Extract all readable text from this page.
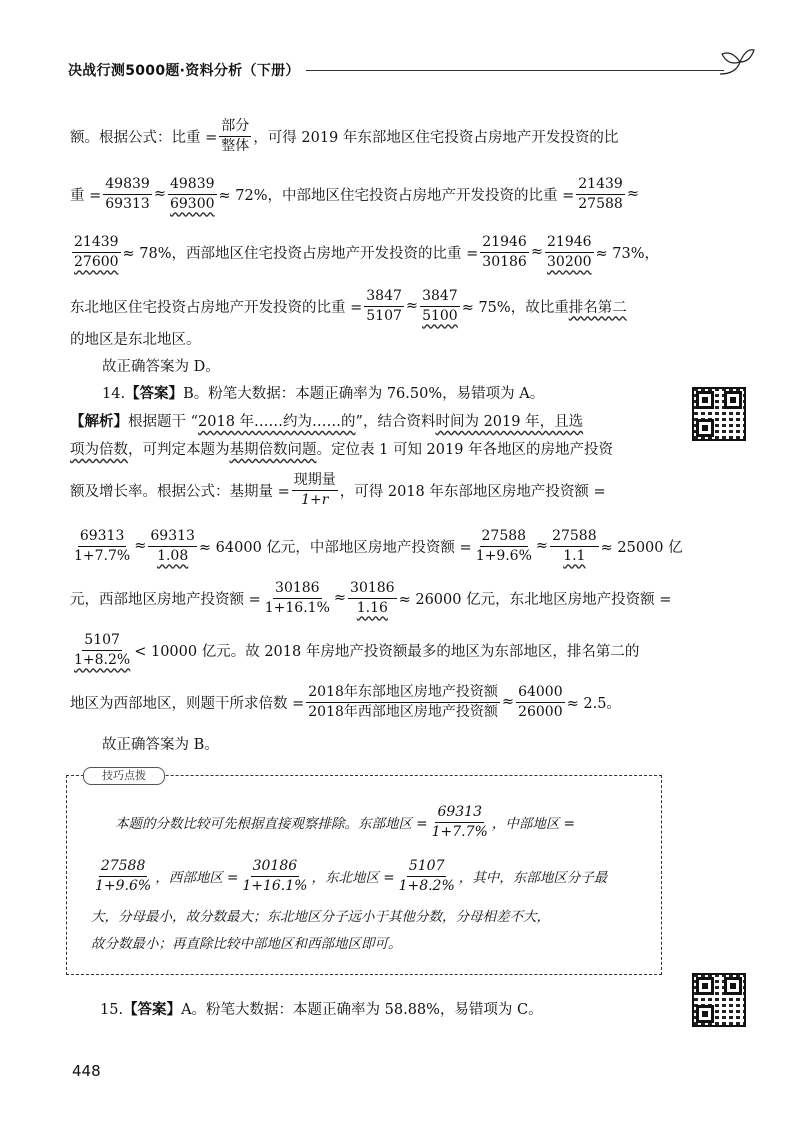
决战行测5000题·资料分析（下册）
额。根据公式：比重 = $\frac{\text{部分}}{\text{整体}}$ ，可得 2019 年东部地区住宅投资占房地产开发投资的比
重 = $\frac{49839}{69313} \approx \frac{49839}{69300} \approx 72\%$，中部地区住宅投资占房地产开发投资的比重 = $\frac{21439}{27588}$ ≈
$\frac{21439}{27600} \approx 78\%$，西部地区住宅投资占房地产开发投资的比重 = $\frac{21946}{30186} \approx \frac{21946}{30200} \approx 73\%$，
东北地区住宅投资占房地产开发投资的比重 = $\frac{3847}{5107} \approx \frac{3847}{5100} \approx 75\%$，故比重 排名第二
的地区是东北地区。
故正确答案为 D。
14.【答案】B。粉笔大数据：本题正确率为 76.50%，易错项为 A。
【解析】根据题干 “2018 年……约为……的”，结合资料时间为 2019 年，且选
项为倍数，可判定本题为基期倍数问题。定位表 1 可知 2019 年各地区的房地产投资
额及增长率。根据公式：基期量 = $\frac{\text{现期量}}{1+r}$ ，可得 2018 年东部地区房地产投资额 =
$\frac{69313}{1+7.7\%} \approx \frac{69313}{1.08} \approx 64000$ 亿元，中部地区房地产投资额 = $\frac{27588}{1+9.6\%} \approx \frac{27588}{1.1} \approx 25000$ 亿
元，西部地区房地产投资额 = $\frac{30186}{1+16.1\%} \approx \frac{30186}{1.16} \approx 26000$ 亿元，东北地区房地产投资额 =
$\frac{5107}{1+8.2\%} < 10000$ 亿元。故 2018 年房地产投资额最多的地区为东部地区，排名第二的
地区为西部地区，则题干所求倍数 = $\frac{\text{2018年东部地区房地产投资额}}{\text{2018年西部地区房地产投资额}} \approx \frac{64000}{26000} \approx 2.5$。
故正确答案为 B。
技巧点拨
本题的分数比较可先根据直接观察排除。东部地区 = $\frac{69313}{1+7.7\%}$ ，中部地区 =
$\frac{27588}{1+9.6\%}$ ，西部地区 = $\frac{30186}{1+16.1\%}$ ，东北地区 = $\frac{5107}{1+8.2\%}$ ，其中，东部地区分子最
大，分母最小，故分数最大；东北地区分子远小于其他分数，分母相差不大，
故分数最小；再直除比较中部地区和西部地区即可。
15.【答案】A。粉笔大数据：本题正确率为 58.88%，易错项为 C。
448
